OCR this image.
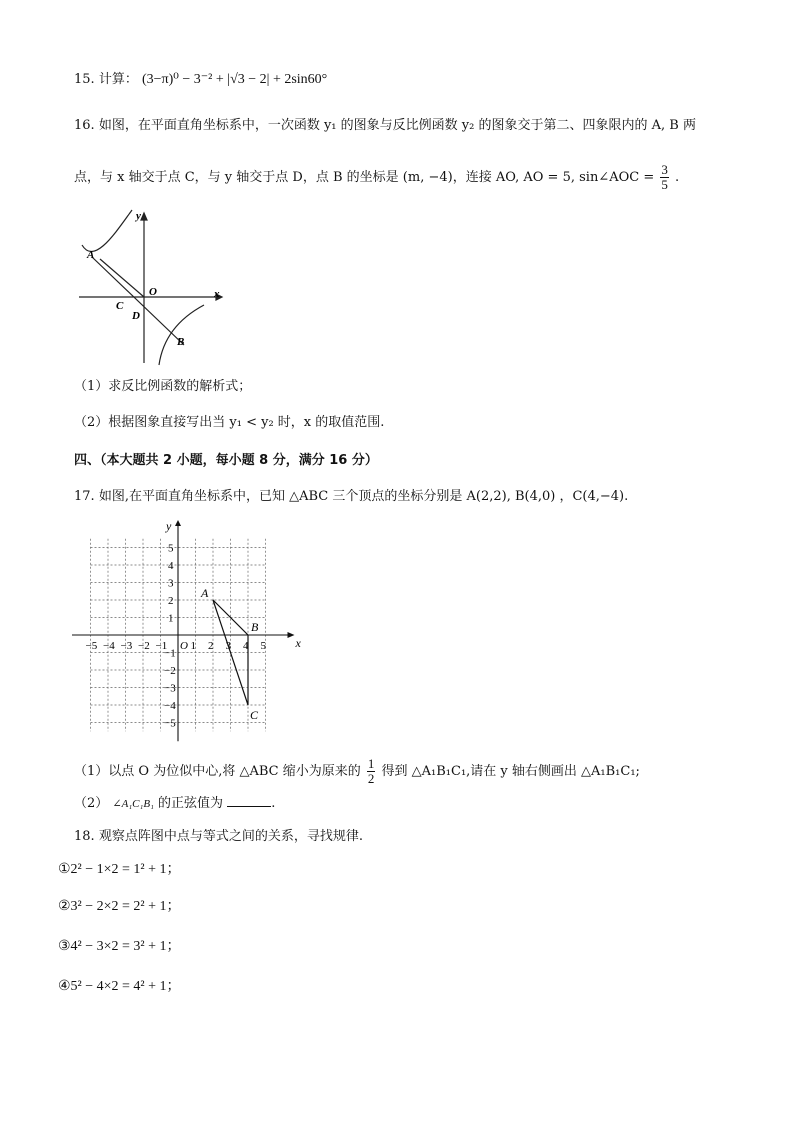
15. 计算： (3−π)⁰ − 3⁻² + |√3 − 2| + 2sin60°
16. 如图，在平面直角坐标系中，一次函数 y₁ 的图象与反比例函数 y₂ 的图象交于第二、四象限内的 A, B 两
点，与 x 轴交于点 C，与 y 轴交于点 D，点 B 的坐标是 (m, −4)，连接 AO, AO = 5, sin∠AOC = $\frac{3}{5}$ .
y
A
O	x
C
D
B
（1）求反比例函数的解析式；
（2）根据图象直接写出当 y₁ < y₂ 时，x 的取值范围.
四、（本大题共 2 小题，每小题 8 分，满分 16 分）
17. 如图,在平面直角坐标系中，已知 △ABC 三个顶点的坐标分别是 A(2,2), B(4,0) ，C(4,−4).
x
y
−5 −4 −3 −2 −1 O 1 2 3 4 5
5
4
3
2
1
−1
−2
−3
−4
−5
A
B
C
（1）以点 O 为位似中心,将 △ABC 缩小为原来的 $\frac{1}{2}$ 得到 △A₁B₁C₁,请在 y 轴右侧画出 △A₁B₁C₁;
（2） ∠A₁C₁B₁ 的正弦值为	.
18. 观察点阵图中点与等式之间的关系，寻找规律.
①2² − 1×2 = 1² + 1；
②3² − 2×2 = 2² + 1；
③4² − 3×2 = 3² + 1；
④5² − 4×2 = 4² + 1；
